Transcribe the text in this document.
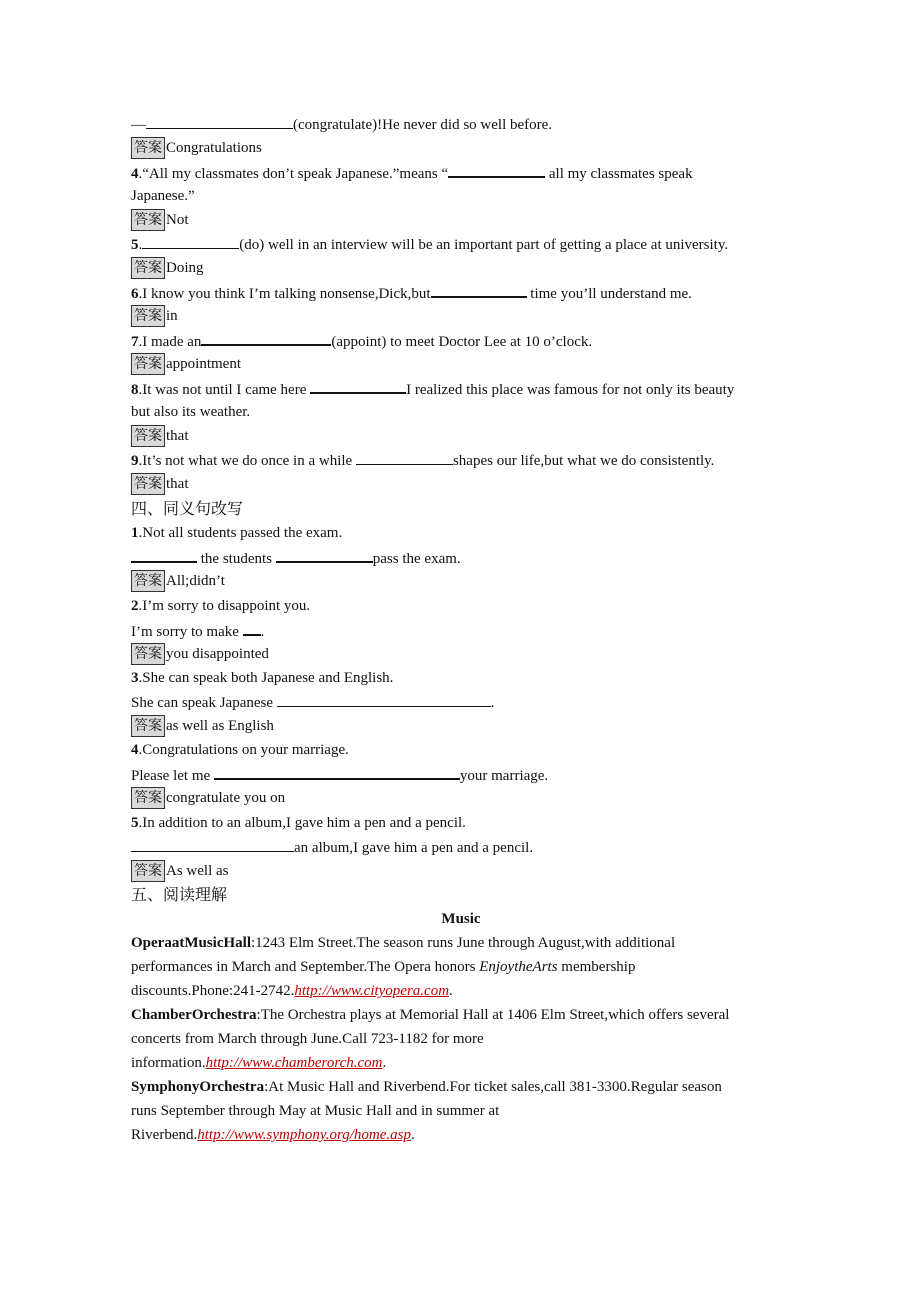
—	(congratulate)!He never did so well before.
答案 Congratulations
4.“All my classmates don’t speak Japanese.”means “	all my classmates speak
Japanese.”
答案 Not
5.	(do) well in an interview will be an important part of getting a place at university.
答案 Doing
6.I know you think I’m talking nonsense,Dick,but	time you’ll understand me.
答案 in
7.I made an	(appoint) to meet Doctor Lee at 10 o’clock.
答案 appointment
8.It was not until I came here	I realized this place was famous for not only its beauty
but also its weather.
答案 that
9.It’s not what we do once in a while	shapes our life,but what we do consistently.
答案 that
四、同义句改写
1.Not all students passed the exam.
the students	pass the exam.
答案 All;didn’t
2.I’m sorry to disappoint you.
I’m sorry to make .
答案 you disappointed
3.She can speak both Japanese and English.
She can speak Japanese	.
答案 as well as English
4.Congratulations on your marriage.
Please let me	your marriage.
答案 congratulate you on
5.In addition to an album,I gave him a pen and a pencil.
an album,I gave him a pen and a pencil.
答案 As well as
五、阅读理解
Music
OperaatMusicHall:1243 Elm Street.The season runs June through August,with additional
performances in March and September.The Opera honors EnjoytheArts membership
discounts.Phone:241-2742.http://www.cityopera.com.
ChamberOrchestra:The Orchestra plays at Memorial Hall at 1406 Elm Street,which offers several
concerts from March through June.Call 723-1182 for more
information.http://www.chamberorch.com.
SymphonyOrchestra:At Music Hall and Riverbend.For ticket sales,call 381-3300.Regular season
runs September through May at Music Hall and in summer at
Riverbend.http://www.symphony.org/home.asp.
